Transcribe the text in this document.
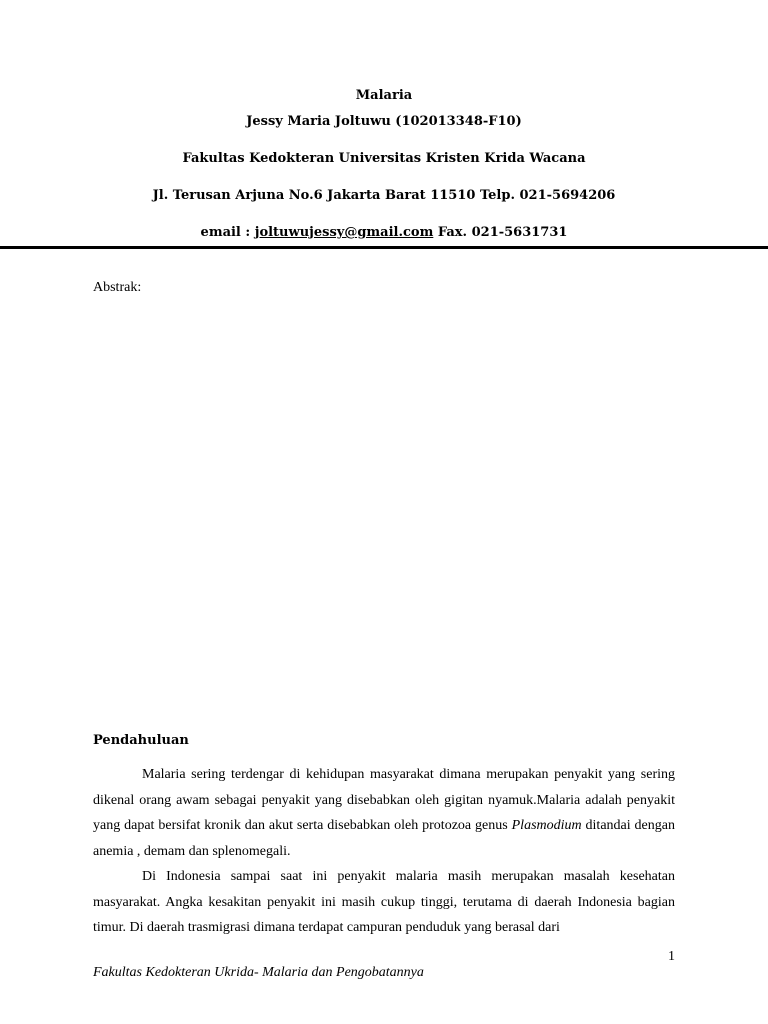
Malaria
Jessy Maria Joltuwu (102013348-F10)
Fakultas Kedokteran Universitas Kristen Krida Wacana
Jl. Terusan Arjuna No.6 Jakarta Barat 11510 Telp. 021-5694206
email : joltuwujessy@gmail.com Fax. 021-5631731
Abstrak:
Pendahuluan

Malaria sering terdengar di kehidupan masyarakat dimana merupakan penyakit yang sering dikenal orang awam sebagai penyakit yang disebabkan oleh gigitan nyamuk.Malaria adalah penyakit yang dapat bersifat kronik dan akut serta disebabkan oleh protozoa genus Plasmodium ditandai dengan anemia , demam dan splenomegali.

Di Indonesia sampai saat ini penyakit malaria masih merupakan masalah kesehatan masyarakat. Angka kesakitan penyakit ini masih cukup tinggi, terutama di daerah Indonesia bagian timur. Di daerah trasmigrasi dimana terdapat campuran penduduk yang berasal dari

1
Fakultas Kedokteran Ukrida- Malaria dan Pengobatannya
